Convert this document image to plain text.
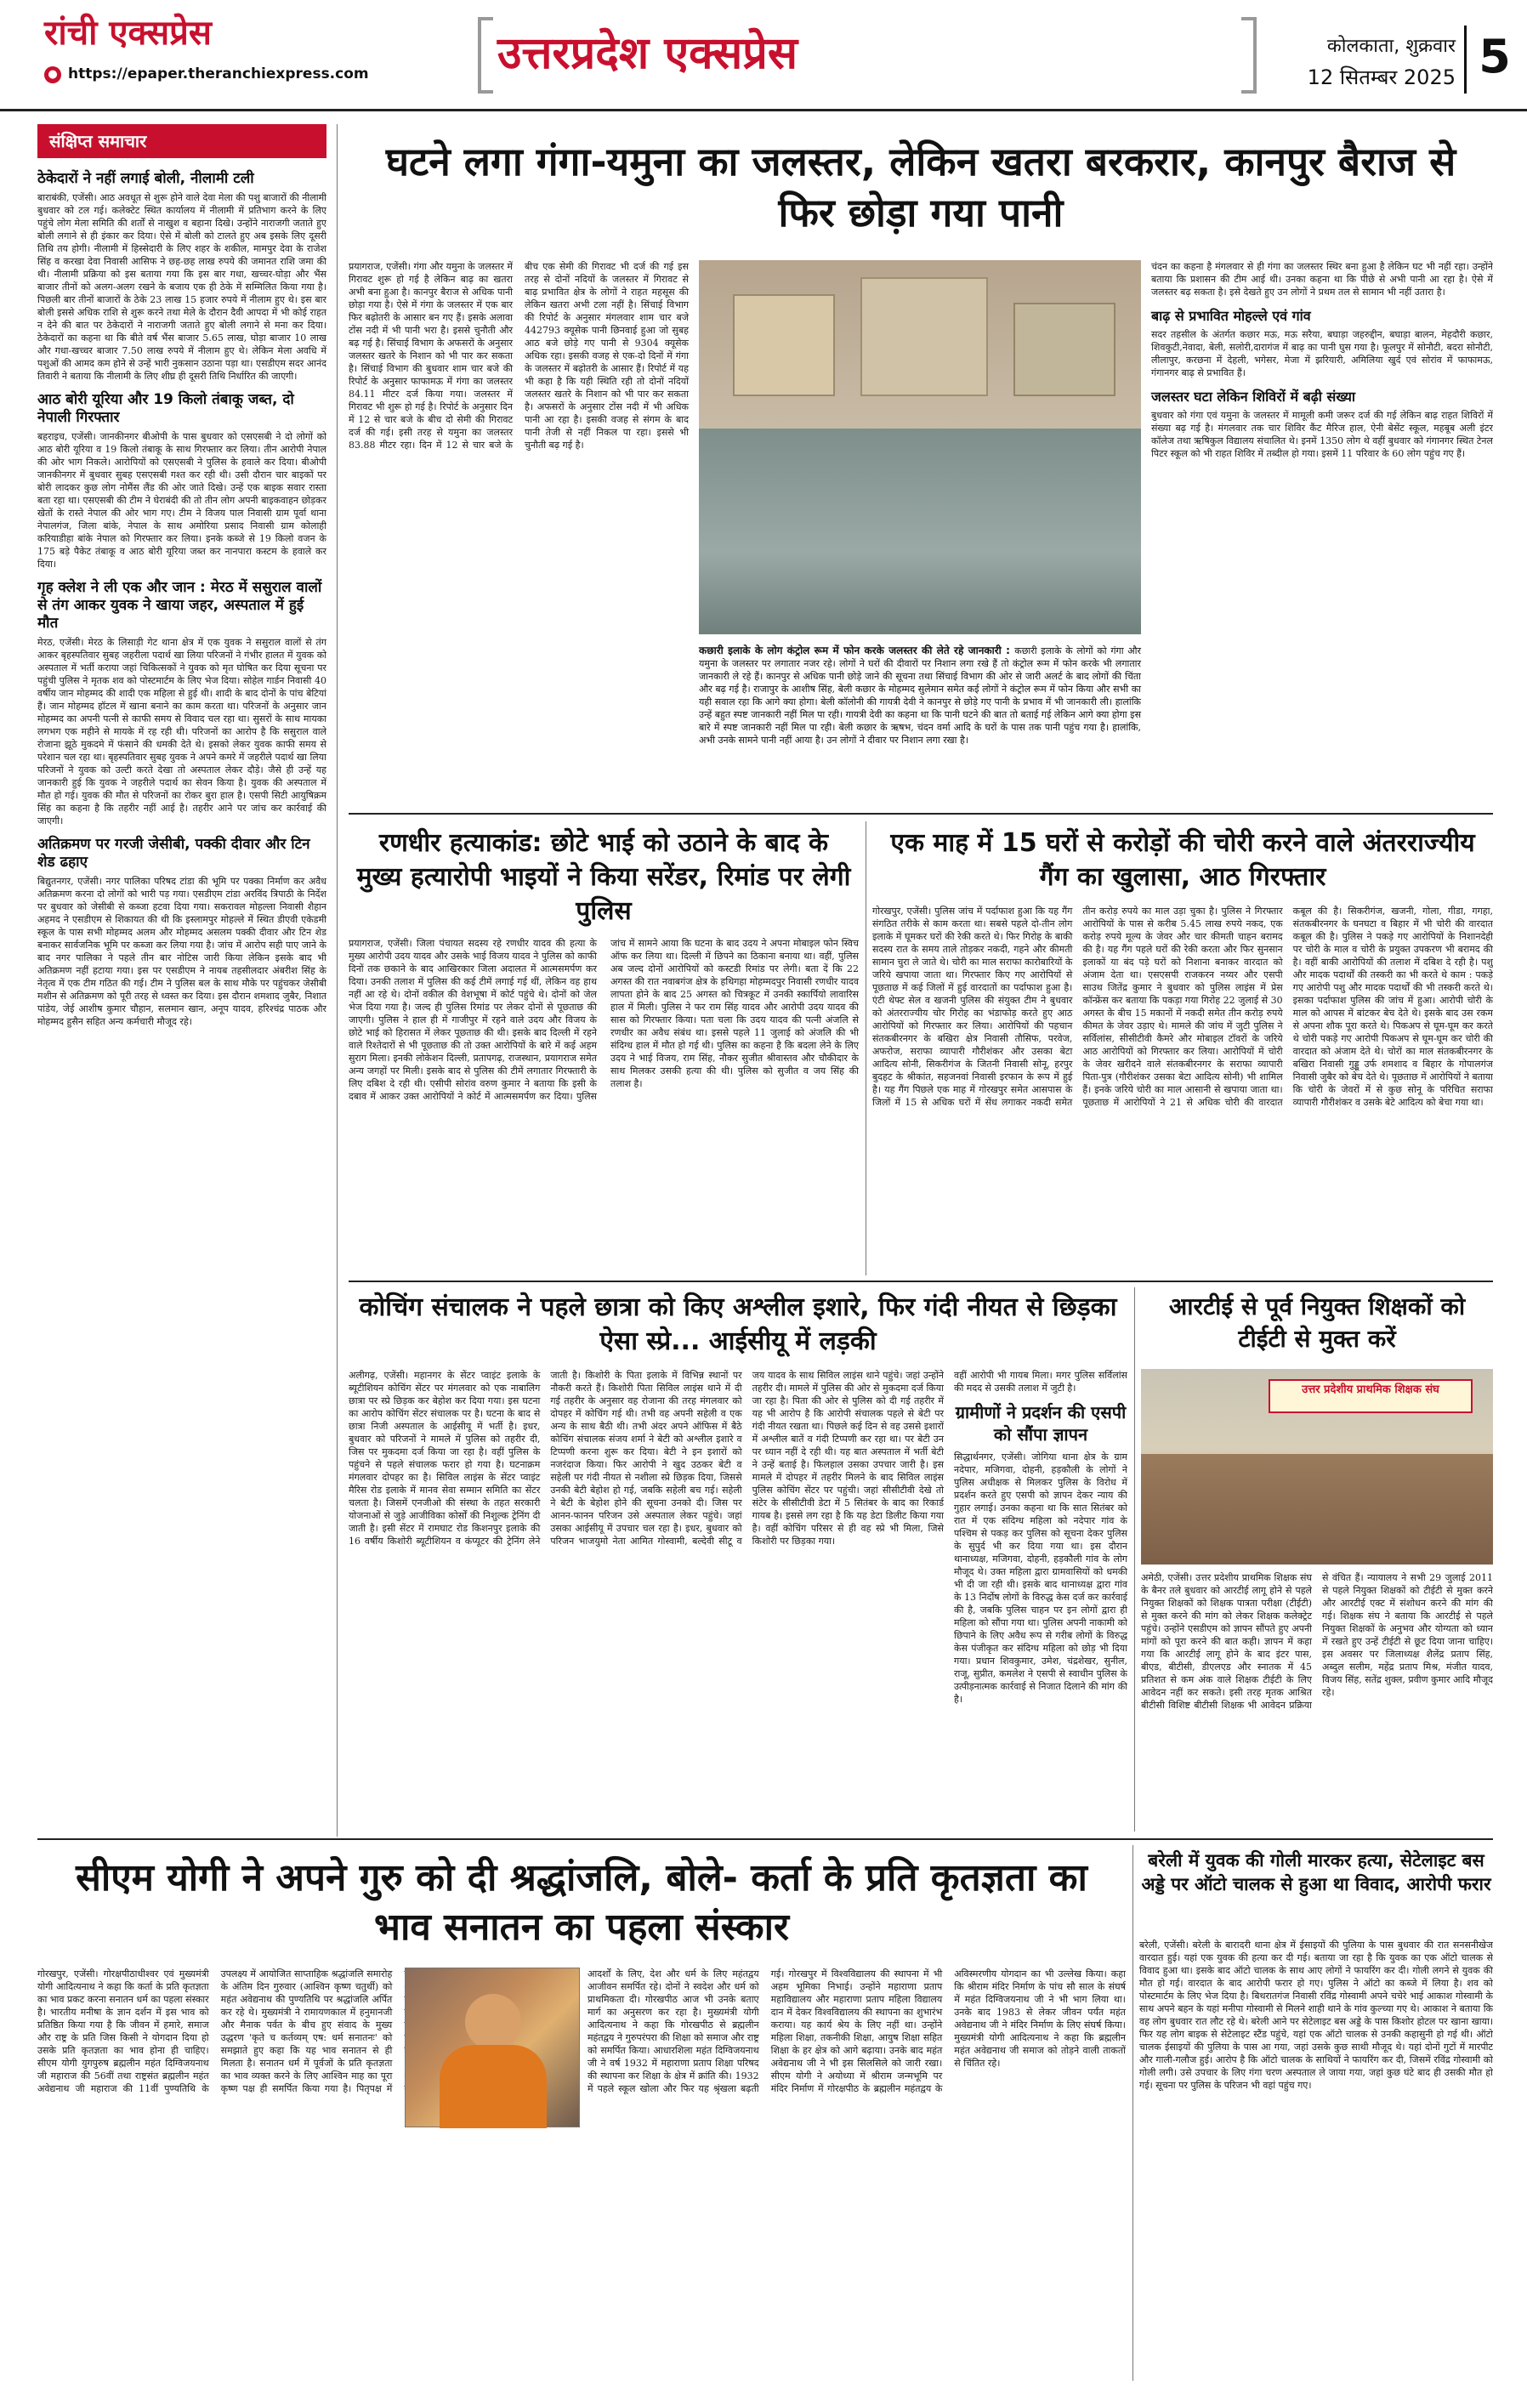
रांची एक्सप्रेस
● https://epaper.theranchiexpress.com	उत्तरप्रदेश एक्सप्रेस	कोलकाता, शुक्रवार
12 सितम्बर 2025 5
संक्षिप्त समाचार
ठेकेदारों ने नहीं लगाई बोली, नीलामी टली
बाराबंकी, एजेंसी। आठ अवधूत से शुरू होने वाले देवा मेला की पशु बाजारों की नीलामी बुधवार को टल गई। कलेक्टेट स्थित कार्यालय में नीलामी में प्रतिभाग करने के लिए पहुंचे लोग मेला समिति की शर्तों से नाखुश व बहाना दिखे। उन्होंने नाराजगी जताते हुए बोली लगाने से ही इंकार कर दिया। ऐसे में बोली को टालते हुए अब इसके लिए दूसरी तिथि तय होगी। नीलामी में हिस्सेदारी के लिए शहर के शकील, मामपुर देवा के राजेश सिंह व करखा देवा निवासी आसिफ ने छह-छह लाख रुपये की जमानत राशि जमा की थी। नीलामी प्रक्रिया को इस बताया गया कि इस बार गधा, खच्चर-घोड़ा और भैंस बाजार तीनों को अलग-अलग रखने के बजाय एक ही ठेके में सम्मिलित किया गया है। पिछली बार तीनों बाजारों के ठेके 23 लाख 15 हजार रुपये में नीलाम हुए थे। इस बार बोली इससे अधिक राशि से शुरू करने तथा मेले के दौरान दैवी आपदा में भी कोई राहत न देने की बात पर ठेकेदारों ने नाराजगी जताते हुए बोली लगाने से मना कर दिया। ठेकेदारों का कहना था कि बीते वर्ष भैंस बाजार 5.65 लाख, घोड़ा बाजार 10 लाख और गधा-खच्चर बाजार 7.50 लाख रुपये में नीलाम हुए थे। लेकिन मेला अवधि में पशुओं की आमद कम होने से उन्हें भारी नुकसान उठाना पड़ा था। एसडीएम सदर आनंद तिवारी ने बताया कि नीलामी के लिए शीघ्र ही दूसरी तिथि निर्धारित की जाएगी।
आठ बोरी यूरिया और 19 किलो तंबाकू जब्त, दो नेपाली गिरफ्तार
बहराइच, एजेंसी। जानकीनगर बीओपी के पास बुधवार को एसएसबी ने दो लोगों को आठ बोरी यूरिया व 19 किलो तंबाकू के साथ गिरफ्तार कर लिया। तीन आरोपी नेपाल की ओर भाग निकले। आरोपियों को एसएसबी ने पुलिस के हवाले कर दिया। बीओपी जानकीनगर में बुधवार सुबह एसएसबी गश्त कर रही थी। उसी दौरान चार बाइकों पर बोरी लादकर कुछ लोग नोमैंस लैंड की ओर जाते दिखे। उन्हें एक बाइक सवार रास्ता बता रहा था। एसएसबी की टीम ने घेराबंदी की तो तीन लोग अपनी बाइकवाहन छोड़कर खेतों के रास्ते नेपाल की ओर भाग गए। टीम ने विजय पाल निवासी ग्राम पूर्वा थाना नेपालगंज, जिला बांके, नेपाल के साथ अमोरिया प्रसाद निवासी ग्राम कोलाही करियाडीहा बांके नेपाल को गिरफ्तार कर लिया। इनके कब्जे से 19 किलो वजन के 175 बड़े पैकेट तंबाकू व आठ बोरी यूरिया जब्त कर नानपारा कस्टम के हवाले कर दिया।
गृह क्लेश ने ली एक और जान : मेरठ में ससुराल वालों से तंग आकर युवक ने खाया जहर, अस्पताल में हुई मौत
मेरठ, एजेंसी। मेरठ के लिसाड़ी गेट थाना क्षेत्र में एक युवक ने ससुराल वालों से तंग आकर बृहस्पतिवार सुबह जहरीला पदार्थ खा लिया परिजनों ने गंभीर हालत में युवक को अस्पताल में भर्ती कराया जहां चिकित्सकों ने युवक को मृत घोषित कर दिया सूचना पर पहुंची पुलिस ने मृतक शव को पोस्टमार्टम के लिए भेज दिया। सोहेल गार्डन निवासी 40 वर्षीय जान मोहम्मद की शादी एक महिला से हुई थी। शादी के बाद दोनों के पांच बेटियां हैं। जान मोहम्मद हॉटल में खाना बनाने का काम करता था। परिजनों के अनुसार जान मोहम्मद का अपनी पत्नी से काफी समय से विवाद चल रहा था। सुसरों के साथ मायका लगभग एक महीने से मायके में रह रही थी। परिजनों का आरोप है कि ससुराल वाले रोजाना झूठे मुकदमे में फंसाने की धमकी देते थे। इसको लेकर युवक काफी समय से परेशान चल रहा था। बृहस्पतिवार सुबह युवक ने अपने कमरे में जहरीले पदार्थ खा लिया परिजनों ने युवक को उल्टी करते देखा तो अस्पताल लेकर दौड़े। जैसे ही उन्हें यह जानकारी हुई कि युवक ने जहरीले पदार्थ का सेवन किया है। युवक की अस्पताल में मौत हो गई। युवक की मौत से परिजनों का रोकर बुरा हाल है। एसपी सिटी आयुषिक्रम सिंह का कहना है कि तहरीर नहीं आई है। तहरीर आने पर जांच कर कार्रवाई की जाएगी।
अतिक्रमण पर गरजी जेसीबी, पक्की दीवार और टिन शेड ढहाए
बिद्युतनगर, एजेंसी। नगर पालिका परिषद टांडा की भूमि पर पक्का निर्माण कर अवैध अतिक्रमण करना दो लोगों को भारी पड़ गया। एसडीएम टांडा अरविंद त्रिपाठी के निर्देश पर बुधवार को जेसीबी से कब्जा हटवा दिया गया। सकरावल मोहल्ला निवासी शैहान अहमद ने एसडीएम से शिकायत की थी कि इस्लामपुर मोहल्ले में स्थित डीएवी एकेडमी स्कूल के पास सभी मोहम्मद अलम और मोहम्मद असलम पक्की दीवार और टिन शेड बनाकर सार्वजनिक भूमि पर कब्जा कर लिया गया है। जांच में आरोप सही पाए जाने के बाद नगर पालिका ने पहले तीन बार नोटिस जारी किया लेकिन इसके बाद भी अतिक्रमण नहीं हटाया गया। इस पर एसडीएम ने नायब तहसीलदार अंबरीश सिंह के नेतृत्व में एक टीम गठित की गई। टीम ने पुलिस बल के साथ मौके पर पहुंचकर जेसीबी मशीन से अतिक्रमण को पूरी तरह से ध्वस्त कर दिया। इस दौरान शमशाद जुबैर, निशात पांडेय, जेई आशीष कुमार चौहान, सलमान खान, अनूप यादव, हरिश्चंद्र पाठक और मोहम्मद हुसैन सहित अन्य कर्मचारी मौजूद रहे।
घटने लगा गंगा-यमुना का जलस्तर, लेकिन खतरा बरकरार, कानपुर बैराज से फिर छोड़ा गया पानी
प्रयागराज, एजेंसी। गंगा और यमुना के जलस्तर में गिरावट शुरू हो गई है लेकिन बाढ़ का खतरा अभी बना हुआ है। कानपुर बैराज से अधिक पानी छोड़ा गया है। ऐसे में गंगा के जलस्तर में एक बार फिर बढ़ोतरी के आसार बन गए हैं। इसके अलावा टोंस नदी में भी पानी भरा है। इससे चुनौती और बढ़ गई है। सिंचाई विभाग के अफसरों के अनुसार जलस्तर खतरे के निशान को भी पार कर सकता है। सिंचाई विभाग की बुधवार शाम चार बजे की रिपोर्ट के अनुसार फाफामऊ में गंगा का जलस्तर 84.11 मीटर दर्ज किया गया। जलस्तर में गिरावट भी शुरू हो गई है। रिपोर्ट के अनुसार दिन में 12 से चार बजे के बीच दो सेमी की गिरावट दर्ज की गई। इसी तरह से यमुना का जलस्तर 83.88 मीटर रहा। दिन में 12 से चार बजे के बीच एक सेमी की गिरावट भी दर्ज की गई इस तरह से दोनों नदियों के जलस्तर में गिरावट से बाढ़ प्रभावित क्षेत्र के लोगों ने राहत महसूस की लेकिन खतरा अभी टला नहीं है। सिंचाई विभाग की रिपोर्ट के अनुसार मंगलवार शाम चार बजे 442793 क्यूसेक पानी छिनवाई हुआ जो सुबह आठ बजे छोड़े गए पानी से 9304 क्यूसेक अधिक रहा। इसकी वजह से एक-दो दिनों में गंगा के जलस्तर में बढ़ोतरी के आसार हैं। रिपोर्ट में यह भी कहा है कि यही स्थिति रही तो दोनों नदियों जलस्तर खतरे के निशान को भी पार कर सकता है। अफसरों के अनुसार टोंस नदी में भी अधिक पानी आ रहा है। इसकी वजह से संगम के बाद पानी तेजी से नहीं निकल पा रहा। इससे भी चुनौती बढ़ गई है।
कछारी इलाके के लोग कंट्रोल रूम में फोन करके जलस्तर की लेते रहे जानकारी : कछारी इलाके के लोगों को गंगा और यमुना के जलस्तर पर लगातार नजर रहे। लोगों ने घरों की दीवारों पर निशान लगा रखे हैं तो कंट्रोल रूम में फोन करके भी लगातार जानकारी ले रहे हैं। कानपुर से अधिक पानी छोड़े जाने की सूचना तथा सिंचाई विभाग की ओर से जारी अलर्ट के बाद लोगों की चिंता और बढ़ गई है। राजापुर के आशीष सिंह, बेली कछार के मोहम्मद सुलेमान समेत कई लोगों ने कंट्रोल रूम में फोन किया और सभी का यही सवाल रहा कि आगे क्या होगा। बेली कॉलोनी की गायत्री देवी ने कानपुर से छोड़े गए पानी के प्रभाव में भी जानकारी ली। हालांकि उन्हें बहुत स्पष्ट जानकारी नहीं मिल पा रही। गायत्री देवी का कहना था कि पानी घटने की बात तो बताई गई लेकिन आगे क्या होगा इस बारे में स्पष्ट जानकारी नहीं मिल पा रही। बेली कछार के ऋषभ, चंदन वर्मा आदि के घरों के पास तक पानी पहुंच गया है। हालांकि, अभी उनके सामने पानी नहीं आया है। उन लोगों ने दीवार पर निशान लगा रखा है।
चंदन का कहना है मंगलवार से ही गंगा का जलस्तर स्थिर बना हुआ है लेकिन घट भी नहीं रहा। उन्होंने बताया कि प्रशासन की टीम आई थी। उनका कहना था कि पीछे से अभी पानी आ रहा है। ऐसे में जलस्तर बढ़ सकता है। इसे देखते हुए उन लोगों ने प्रथम तल से सामान भी नहीं उतारा है।
बाढ़ से प्रभावित मोहल्ले एवं गांव
सदर तहसील के अंतर्गत कछार मऊ, मऊ सरैया, बघाड़ा जहरुद्दीन, बघाड़ा बालन, मेहदौरी कछार, शिवकुटी,नेवादा, बेली, सलोरी,दारागंज में बाढ़ का पानी घुस गया है। फूलपुर में सोनौटी, बदरा सोनौटी, लीलापुर, करछना में देहली, भगेसर, मेजा में झरियारी, अमिलिया खुर्द एवं सोरांव में फाफामऊ, गंगानगर बाढ़ से प्रभावित हैं।
जलस्तर घटा लेकिन शिविरों में बढ़ी संख्या
बुधवार को गंगा एवं यमुना के जलस्तर में मामूली कमी जरूर दर्ज की गई लेकिन बाढ़ राहत शिविरों में संख्या बढ़ गई है। मंगलवार तक चार शिविर कैंट मैरिज हाल, ऐनी बेसेंट स्कूल, महबूब अली इंटर कॉलेज तथा ऋषिकुल विद्यालय संचालित थे। इनमें 1350 लोग थे वहीं बुधवार को गंगानगर स्थित टेनल पिटर स्कूल को भी राहत शिविर में तब्दील हो गया। इसमें 11 परिवार के 60 लोग पहुंच गए हैं।
रणधीर हत्याकांड: छोटे भाई को उठाने के बाद के मुख्य हत्यारोपी भाइयों ने किया सरेंडर, रिमांड पर लेगी पुलिस
प्रयागराज, एजेंसी। जिला पंचायत सदस्य रहे रणधीर यादव की हत्या के मुख्य आरोपी उदय यादव और उसके भाई विजय यादव ने पुलिस को काफी दिनों तक छकाने के बाद आखिरकार जिला अदालत में आत्मसमर्पण कर दिया। उनकी तलाश में पुलिस की कई टीमें लगाई गई थीं, लेकिन वह हाथ नहीं आ रहे थे। दोनों वकील की वेशभूषा में कोर्ट पहुंचे थे। दोनों को जेल भेज दिया गया है। जल्द ही पुलिस रिमांड पर लेकर दोनों से पूछताछ की जाएगी। पुलिस ने हाल ही में गाजीपुर में रहने वाले उदय और विजय के छोटे भाई को हिरासत में लेकर पूछताछ की थी। इसके बाद दिल्ली में रहने वाले रिश्तेदारों से भी पूछताछ की तो उक्त आरोपियों के बारे में कई अहम सुराग मिला। इनकी लोकेशन दिल्ली, प्रतापगढ़, राजस्थान, प्रयागराज समेत अन्य जगहों पर मिली। इसके बाद से पुलिस की टीमें लगातार गिरफ्तारी के लिए दबिश दे रही थी। एसीपी सोरांव वरुण कुमार ने बताया कि इसी के दबाव में आकर उक्त आरोपियों ने कोर्ट में आत्मसमर्पण कर दिया। पुलिस जांच में सामने आया कि घटना के बाद उदय ने अपना मोबाइल फोन स्विच ऑफ कर लिया था। दिल्ली में छिपने का ठिकाना बनाया था। वहीं, पुलिस अब जल्द दोनों आरोपियों को कस्टडी रिमांड पर लेगी। बता दें कि 22 अगस्त की रात नवाबगंज क्षेत्र के हथिगहा मोहम्मदपुर निवासी रणधीर यादव लापता होने के बाद 25 अगस्त को चित्रकूट में उनकी स्कार्पियो लावारिस हाल में मिली। पुलिस ने फर राम सिंह यादव और आरोपी उदय यादव की सास को गिरफ्तार किया। पता चला कि उदय यादव की पत्नी अंजलि से रणधीर का अवैध संबंध था। इससे पहले 11 जुलाई को अंजलि की भी संदिग्ध हाल में मौत हो गई थी। पुलिस का कहना है कि बदला लेने के लिए उदय ने भाई विजय, राम सिंह, नौकर सुजीत श्रीवास्तव और चौकीदार के साथ मिलकर उसकी हत्या की थी। पुलिस को सुजीत व जय सिंह की तलाश है।
एक माह में 15 घरों से करोड़ों की चोरी करने वाले अंतरराज्यीय गैंग का खुलासा, आठ गिरफ्तार
गोरखपुर, एजेंसी। पुलिस जांच में पर्दाफाश हुआ कि यह गैंग संगठित तरीके से काम करता था। सबसे पहले दो-तीन लोग इलाके में घूमकर घरों की रेकी करते थे। फिर गिरोह के बाकी सदस्य रात के समय ताले तोड़कर नकदी, गहने और कीमती सामान चुरा ले जाते थे। चोरी का माल सराफा कारोबारियों के जरिये खपाया जाता था। गिरफ्तार किए गए आरोपियों से पूछताछ में कई जिलों में हुई वारदातों का पर्दाफाश हुआ है। एंटी थेफ्ट सेल व खजनी पुलिस की संयुक्त टीम ने बुधवार को अंतरराज्यीय चोर गिरोह का भंडाफोड़ करते हुए आठ आरोपियों को गिरफ्तार कर लिया। आरोपियों की पहचान संतकबीरनगर के बखिरा क्षेत्र निवासी तौसिफ, परवेज, अफरोज, सराफा व्यापारी गौरीशंकर और उसका बेटा आदित्य सोनी, सिकरीगंज के जितनी निवासी सोनू, हरपुर बुदहट के श्रीकांत, सहजनवां निवासी इरफान के रूप में हुई है। यह गैंग पिछले एक माह में गोरखपुर समेत आसपास के जिलों में 15 से अधिक घरों में सेंध लगाकर नकदी समेत तीन करोड़ रुपये का माल उड़ा चुका है। पुलिस ने गिरफ्तार आरोपियों के पास से करीब 5.45 लाख रुपये नकद, एक करोड़ रुपये मूल्य के जेवर और चार कीमती चाहन बरामद की है। यह गैंग पहले घरों की रेकी करता और फिर सुनसान इलाकों या बंद पड़े घरों को निशाना बनाकर वारदात को अंजाम देता था। एसएसपी राजकरन नय्यर और एसपी साउथ जितेंद्र कुमार ने बुधवार को पुलिस लाइंस में प्रेस कॉन्फ्रेंस कर बताया कि पकड़ा गया गिरोह 22 जुलाई से 30 अगस्त के बीच 15 मकानों में नकदी समेत तीन करोड़ रुपये कीमत के जेवर उड़ाए थे। मामले की जांच में जुटी पुलिस ने सर्विलांस, सीसीटीवी कैमरे और मोबाइल टॉवरों के जरिये आठ आरोपियों को गिरफ्तार कर लिया। आरोपियों में चोरी के जेवर खरीदने वाले संतकबीरनगर के सराफा व्यापारी पिता-पुत्र (गौरीशंकर उसका बेटा आदित्य सोनी) भी शामिल हैं। इनके जरिये चोरी का माल आसानी से खपाया जाता था। पूछताछ में आरोपियों ने 21 से अधिक चोरी की वारदात कबूल की है। सिकरीगंज, खजनी, गोला, गीडा, गगहा, संतकबीरनगर के घनघटा व बिहार में भी चोरी की वारदात कबूल की है। पुलिस ने पकड़े गए आरोपियों के निशानदेही पर चोरी के माल व चोरी के प्रयुक्त उपकरण भी बरामद की है। वहीं बाकी आरोपियों की तलाश में दबिश दे रही है। पशु और मादक पदार्थों की तस्करी का भी करते थे काम : पकड़े गए आरोपी पशु और मादक पदार्थों की भी तस्करी करते थे। इसका पर्दाफाश पुलिस की जांच में हुआ। आरोपी चोरी के माल को आपस में बांटकर बेच देते थे। इसके बाद उस रकम से अपना शौक पूरा करते थे। पिकअप से घूम-घूम कर करते थे चोरी पकड़े गए आरोपी पिकअप से घूम-घूम कर चोरी की वारदात को अंजाम देते थे। चोरों का माल संतकबीरनगर के बखिरा निवासी गुड्डू उर्फ शमशाद व बिहार के गोपालगंज निवासी जुबैर को बेच देते थे। पूछताछ में आरोपियों ने बताया कि चोरी के जेवरों में से कुछ सोनू के परिचित सराफा व्यापारी गौरीशंकर व उसके बेटे आदित्य को बेचा गया था।
कोचिंग संचालक ने पहले छात्रा को किए अश्लील इशारे, फिर गंदी नीयत से छिड़का ऐसा स्प्रे... आईसीयू में लड़की
अलीगढ़, एजेंसी। महानगर के सेंटर प्वाइंट इलाके के ब्यूटीशियन कोचिंग सेंटर पर मंगलवार को एक नाबालिग छात्रा पर स्प्रे छिड़क कर बेहोश कर दिया गया। इस घटना का आरोप कोचिंग सेंटर संचालक पर है। घटना के बाद से छात्रा निजी अस्पताल के आईसीयू में भर्ती है। इधर, बुधवार को परिजनों ने मामले में पुलिस को तहरीर दी, जिस पर मुकदमा दर्ज किया जा रहा है। वहीं पुलिस के पहुंचने से पहले संचालक फरार हो गया है। घटनाक्रम मंगलवार दोपहर का है। सिविल लाइंस के सेंटर प्वाइंट मैरिस रोड इलाके में मानव सेवा सम्मान समिति का सेंटर चलता है। जिसमें एनजीओ की संस्था के तहत सरकारी योजनाओं से जुड़े आजीविका कोर्सों की निशुल्क ट्रेनिंग दी जाती है। इसी सेंटर में रामघाट रोड किशनपुर इलाके की 16 वर्षीय किशोरी ब्यूटीशियन व कंप्यूटर की ट्रेनिंग लेने जाती है। किशोरी के पिता इलाके में विभिन्न स्थानों पर नौकरी करते हैं। किशोरी पिता सिविल लाइंस थाने में दी गई तहरीर के अनुसार वह रोजाना की तरह मंगलवार को दोपहर में कोचिंग गई थी। तभी वह अपनी सहेली व एक अन्य के साथ बैठी थी। तभी अंदर अपने ऑफिस में बैठे कोचिंग संचालक संजय शर्मा ने बेटी को अश्लील इशारे व टिप्पणी करना शुरू कर दिया। बेटी ने इन इशारों को नजरंदाज किया। फिर आरोपी ने खुद उठकर बेटी व सहेली पर गंदी नीयत से नशीला स्प्रे छिड़क दिया, जिससे उनकी बेटी बेहोश हो गई, जबकि सहेली बच गई। सहेली ने बेटी के बेहोश होने की सूचना उनको दी। जिस पर आनन-फानन परिजन उसे अस्पताल लेकर पहुंचे। जहां उसका आईसीयू में उपचार चल रहा है। इधर, बुधवार को परिजन भाजयुमो नेता आमित गोस्वामी, बल्देवी सीटू व जय यादव के साथ सिविल लाइंस थाने पहुंचे। जहां उन्होंने तहरीर दी। मामले में पुलिस की ओर से मुकदमा दर्ज किया जा रहा है। पिता की ओर से पुलिस को दी गई तहरीर में यह भी आरोप है कि आरोपी संचालक पहले से बेटी पर गंदी नीयत रखता था। पिछले कई दिन से वह उससे इशारों में अश्लील बातें व गंदी टिप्पणी कर रहा था। पर बेटी उन पर ध्यान नहीं दे रही थी। यह बात अस्पताल में भर्ती बेटी ने उन्हें बताई है। फिलहाल उसका उपचार जारी है। इस मामले में दोपहर में तहरीर मिलने के बाद सिविल लाइंस पुलिस कोचिंग सेंटर पर पहुंची। जहां सीसीटीवी देखे तो संटेर के सीसीटीवी डेटा में 5 सितंबर के बाद का रिकार्ड गायब है। इससे लग रहा है कि यह डेटा डिलीट किया गया है। वहीं कोचिंग परिसर से ही वह स्प्रे भी मिला, जिसे किशोरी पर छिड़का गया।
वहीं आरोपी भी गायब मिला। मगर पुलिस सर्विलांस की मदद से उसकी तलाश में जुटी है।
ग्रामीणों ने प्रदर्शन की एसपी को सौंपा ज्ञापन
सिद्धार्थनगर, एजेंसी। जोगिया थाना क्षेत्र के ग्राम नदेपार, मजिगवा, दोहनी, हड़कौली के लोगों ने पुलिस अधीक्षक से मिलकर पुलिस के विरोध में प्रदर्शन करते हुए एसपी को ज्ञापन देकर न्याय की गुहार लगाई। उनका कहना था कि सात सितंबर को रात में एक संदिग्ध महिला को नदेपार गांव के पश्चिम से पकड़ कर पुलिस को सूचना देकर पुलिस के सुपुर्द भी कर दिया गया था। इस दौरान थानाध्यक्ष, मजिगवा, दोहनी, हड़कौली गांव के लोग मौजूद थे। उक्त महिला द्वारा ग्रामवासियों को धमकी भी दी जा रही थी। इसके बाद थानाध्यक्ष द्वारा गांव के 13 निर्दोष लोगों के विरुद्ध केस दर्ज कर कार्रवाई की है, जबकि पुलिस चाहन पर इन लोगों द्वारा ही महिला को सौंपा गया था। पुलिस अपनी नाकामी को छिपाने के लिए अवैध रूप से गरीब लोगों के विरुद्ध केस पंजीकृत कर संदिग्ध महिला को छोड़ भी दिया गया। प्रधान शिवकुमार, उमेश, चंद्रशेखर, सुनील, राजू, सुप्रीत, कमलेश ने एसपी से स्वाधीन पुलिस के उत्पीड़नात्मक कार्रवाई से निजात दिलाने की मांग की है।
आरटीई से पूर्व नियुक्त शिक्षकों को टीईटी से मुक्त करें
उत्तर प्रदेशीय प्राथमिक शिक्षक संघ
अमेठी, एजेंसी। उत्तर प्रदेशीय प्राथमिक शिक्षक संघ के बैनर तले बुधवार को आरटीई लागू होने से पहले नियुक्त शिक्षकों को शिक्षक पात्रता परीक्षा (टीईटी) से मुक्त करने की मांग को लेकर शिक्षक कलेक्ट्रेट पहुंचे। उन्होंने एसडीएम को ज्ञापन सौंपते हुए अपनी मांगों को पूरा करने की बात कही। ज्ञापन में कहा गया कि आरटीई लागू होने के बाद इंटर पास, बीएड, बीटीसी, डीएलएड और स्नातक में 45 प्रतिशत से कम अंक वाले शिक्षक टीईटी के लिए आवेदन नहीं कर सकते। इसी तरह मृतक आश्रित बीटीसी विशिष्ट बीटीसी शिक्षक भी आवेदन प्रक्रिया से वंचित हैं। न्यायालय ने सभी 29 जुलाई 2011 से पहले नियुक्त शिक्षकों को टीईटी से मुक्त करने और आरटीई एक्ट में संशोधन करने की मांग की गई। शिक्षक संघ ने बताया कि आरटीई से पहले नियुक्त शिक्षकों के अनुभव और योग्यता को ध्यान में रखते हुए उन्हें टीईटी से छूट दिया जाना चाहिए। इस अवसर पर जिलाध्यक्ष शैलेंद्र प्रताप सिंह, अब्दुल सलीम, महेंद्र प्रताप मिश्र, मंजीत यादव, विजय सिंह, सतेंद्र शुक्ल, प्रवीण कुमार आदि मौजूद रहे।
सीएम योगी ने अपने गुरु को दी श्रद्धांजलि, बोले- कर्ता के प्रति कृतज्ञता का भाव सनातन का पहला संस्कार
गोरखपुर, एजेंसी। गोरक्षपीठाधीश्वर एवं मुख्यमंत्री योगी आदित्यनाथ ने कहा कि कर्ता के प्रति कृतज्ञता का भाव प्रकट करना सनातन धर्म का पहला संस्कार है। भारतीय मनीषा के ज्ञान दर्शन में इस भाव को प्रतिष्ठित किया गया है कि जीवन में हमारे, समाज और राष्ट्र के प्रति जिस किसी ने योगदान दिया हो उसके प्रति कृतज्ञता का भाव होना ही चाहिए। सीएम योगी युगपुरुष ब्रह्मलीन महंत दिग्विजयनाथ जी महाराज की 56वीं तथा राष्ट्रसंत ब्रह्मलीन महंत अवेद्यनाथ जी महाराज की 11वीं पुण्यतिथि के उपलक्ष्य में आयोजित साप्ताहिक श्रद्धांजलि समारोह के अंतिम दिन गुरुवार (आश्विन कृष्ण चतुर्थी) को महंत अवेद्यनाथ की पुण्यतिथि पर श्रद्धांजलि अर्पित कर रहे थे। मुख्यमंत्री ने रामायणकाल में हनुमानजी और मैनाक पर्वत के बीच हुए संवाद के मुख्य उद्धरण 'कृते च कर्तव्यम् एष: धर्म सनातनः' को समझाते हुए कहा कि यह भाव सनातन से ही मिलता है। सनातन धर्म में पूर्वजों के प्रति कृतज्ञता का भाव व्यक्त करने के लिए आश्विन माह का पूरा कृष्ण पक्ष ही समर्पित किया गया है। पितृपक्ष में आदर्शों के लिए, देश और धर्म के लिए महंतद्वय आजीवन समर्पित रहे। दोनों ने स्वदेश और धर्म को प्राथमिकता दी। गोरखपीठ आज भी उनके बताए मार्ग का अनुसरण कर रहा है। मुख्यमंत्री योगी आदित्यनाथ ने कहा कि गोरखपीठ से ब्रह्मलीन महंतद्वय ने गुरुपरंपरा की शिक्षा को समाज और राष्ट्र को समर्पित किया। आधारशिला महंत दिग्विजयनाथ जी ने वर्ष 1932 में महाराणा प्रताप शिक्षा परिषद की स्थापना कर शिक्षा के क्षेत्र में क्रांति की। 1932 में पहले स्कूल खोला और फिर यह श्रृंखला बढ़ती गई। गोरखपुर में विश्वविद्यालय की स्थापना में भी अहम भूमिका निभाई। उन्होंने महाराणा प्रताप महाविद्यालय और महाराणा प्रताप महिला विद्यालय दान में देकर विश्वविद्यालय की स्थापना का शुभारंभ कराया। यह कार्य श्रेय के लिए नहीं था। उन्होंने महिला शिक्षा, तकनीकी शिक्षा, आयुष शिक्षा सहित शिक्षा के हर क्षेत्र को आगे बढ़ाया। उनके बाद महंत अवेद्यनाथ जी ने भी इस सिलसिले को जारी रखा। सीएम योगी ने अयोध्या में श्रीराम जन्मभूमि पर मंदिर निर्माण में गोरक्षपीठ के ब्रह्मलीन महंतद्वय के अविस्मरणीय योगदान का भी उल्लेख किया। कहा कि श्रीराम मंदिर निर्माण के पांच सौ साल के संघर्ष में महंत दिग्विजयनाथ जी ने भी भाग लिया था। उनके बाद 1983 से लेकर जीवन पर्यंत महंत अवेद्यनाथ जी ने मंदिर निर्माण के लिए संघर्ष किया। मुख्यमंत्री योगी आदित्यनाथ ने कहा कि ब्रह्मलीन महंत अवेद्यनाथ जी समाज को तोड़ने वाली ताकतों से चिंतित रहे।
बरेली में युवक की गोली मारकर हत्या, सेटेलाइट बस अड्डे पर ऑटो चालक से हुआ था विवाद, आरोपी फरार
बरेली, एजेंसी। बरेली के बारादरी थाना क्षेत्र में ईसाइयों की पुलिया के पास बुधवार की रात सनसनीखेज वारदात हुई। यहां एक युवक की हत्या कर दी गई। बताया जा रहा है कि युवक का एक ऑटो चालक से विवाद हुआ था। इसके बाद ऑटो चालक के साथ आए लोगों ने फायरिंग कर दी। गोली लगने से युवक की मौत हो गई। वारदात के बाद आरोपी फरार हो गए। पुलिस ने ऑटो का कब्जे में लिया है। शव को पोस्टमार्टम के लिए भेज दिया है। बिथरातगंज निवासी रविंद्र गोस्वामी अपने चचेरे भाई आकाश गोस्वामी के साथ अपने बहन के यहां मनीपा गोस्वामी से मिलने शाही थाने के गांव कुल्च्या गए थे। आकाश ने बताया कि वह लोग बुधवार रात लौट रहे थे। बरेली आने पर सेटेलाइट बस अड्डे के पास किशोर होटल पर खाना खाया। फिर यह लोग बाइक से सेटेलाइट स्टैंड पहुंचे, यहां एक ऑटो चालक से उनकी कहासुनी हो गई थी। ऑटो चालक ईसाइयों की पुलिया के पास आ गया, जहां उसके कुछ साथी मौजूद थे। यहां दोनों गुटों में मारपीट और गाली-गलौज हुई। आरोप है कि ऑटो चालक के साथियों ने फायरिंग कर दी, जिसमें रविंद्र गोस्वामी को गोली लगी। उसे उपचार के लिए गंगा चरण अस्पताल ले जाया गया, जहां कुछ घंटे बाद ही उसकी मौत हो गई। सूचना पर पुलिस के परिजन भी वहां पहुंच गए।
